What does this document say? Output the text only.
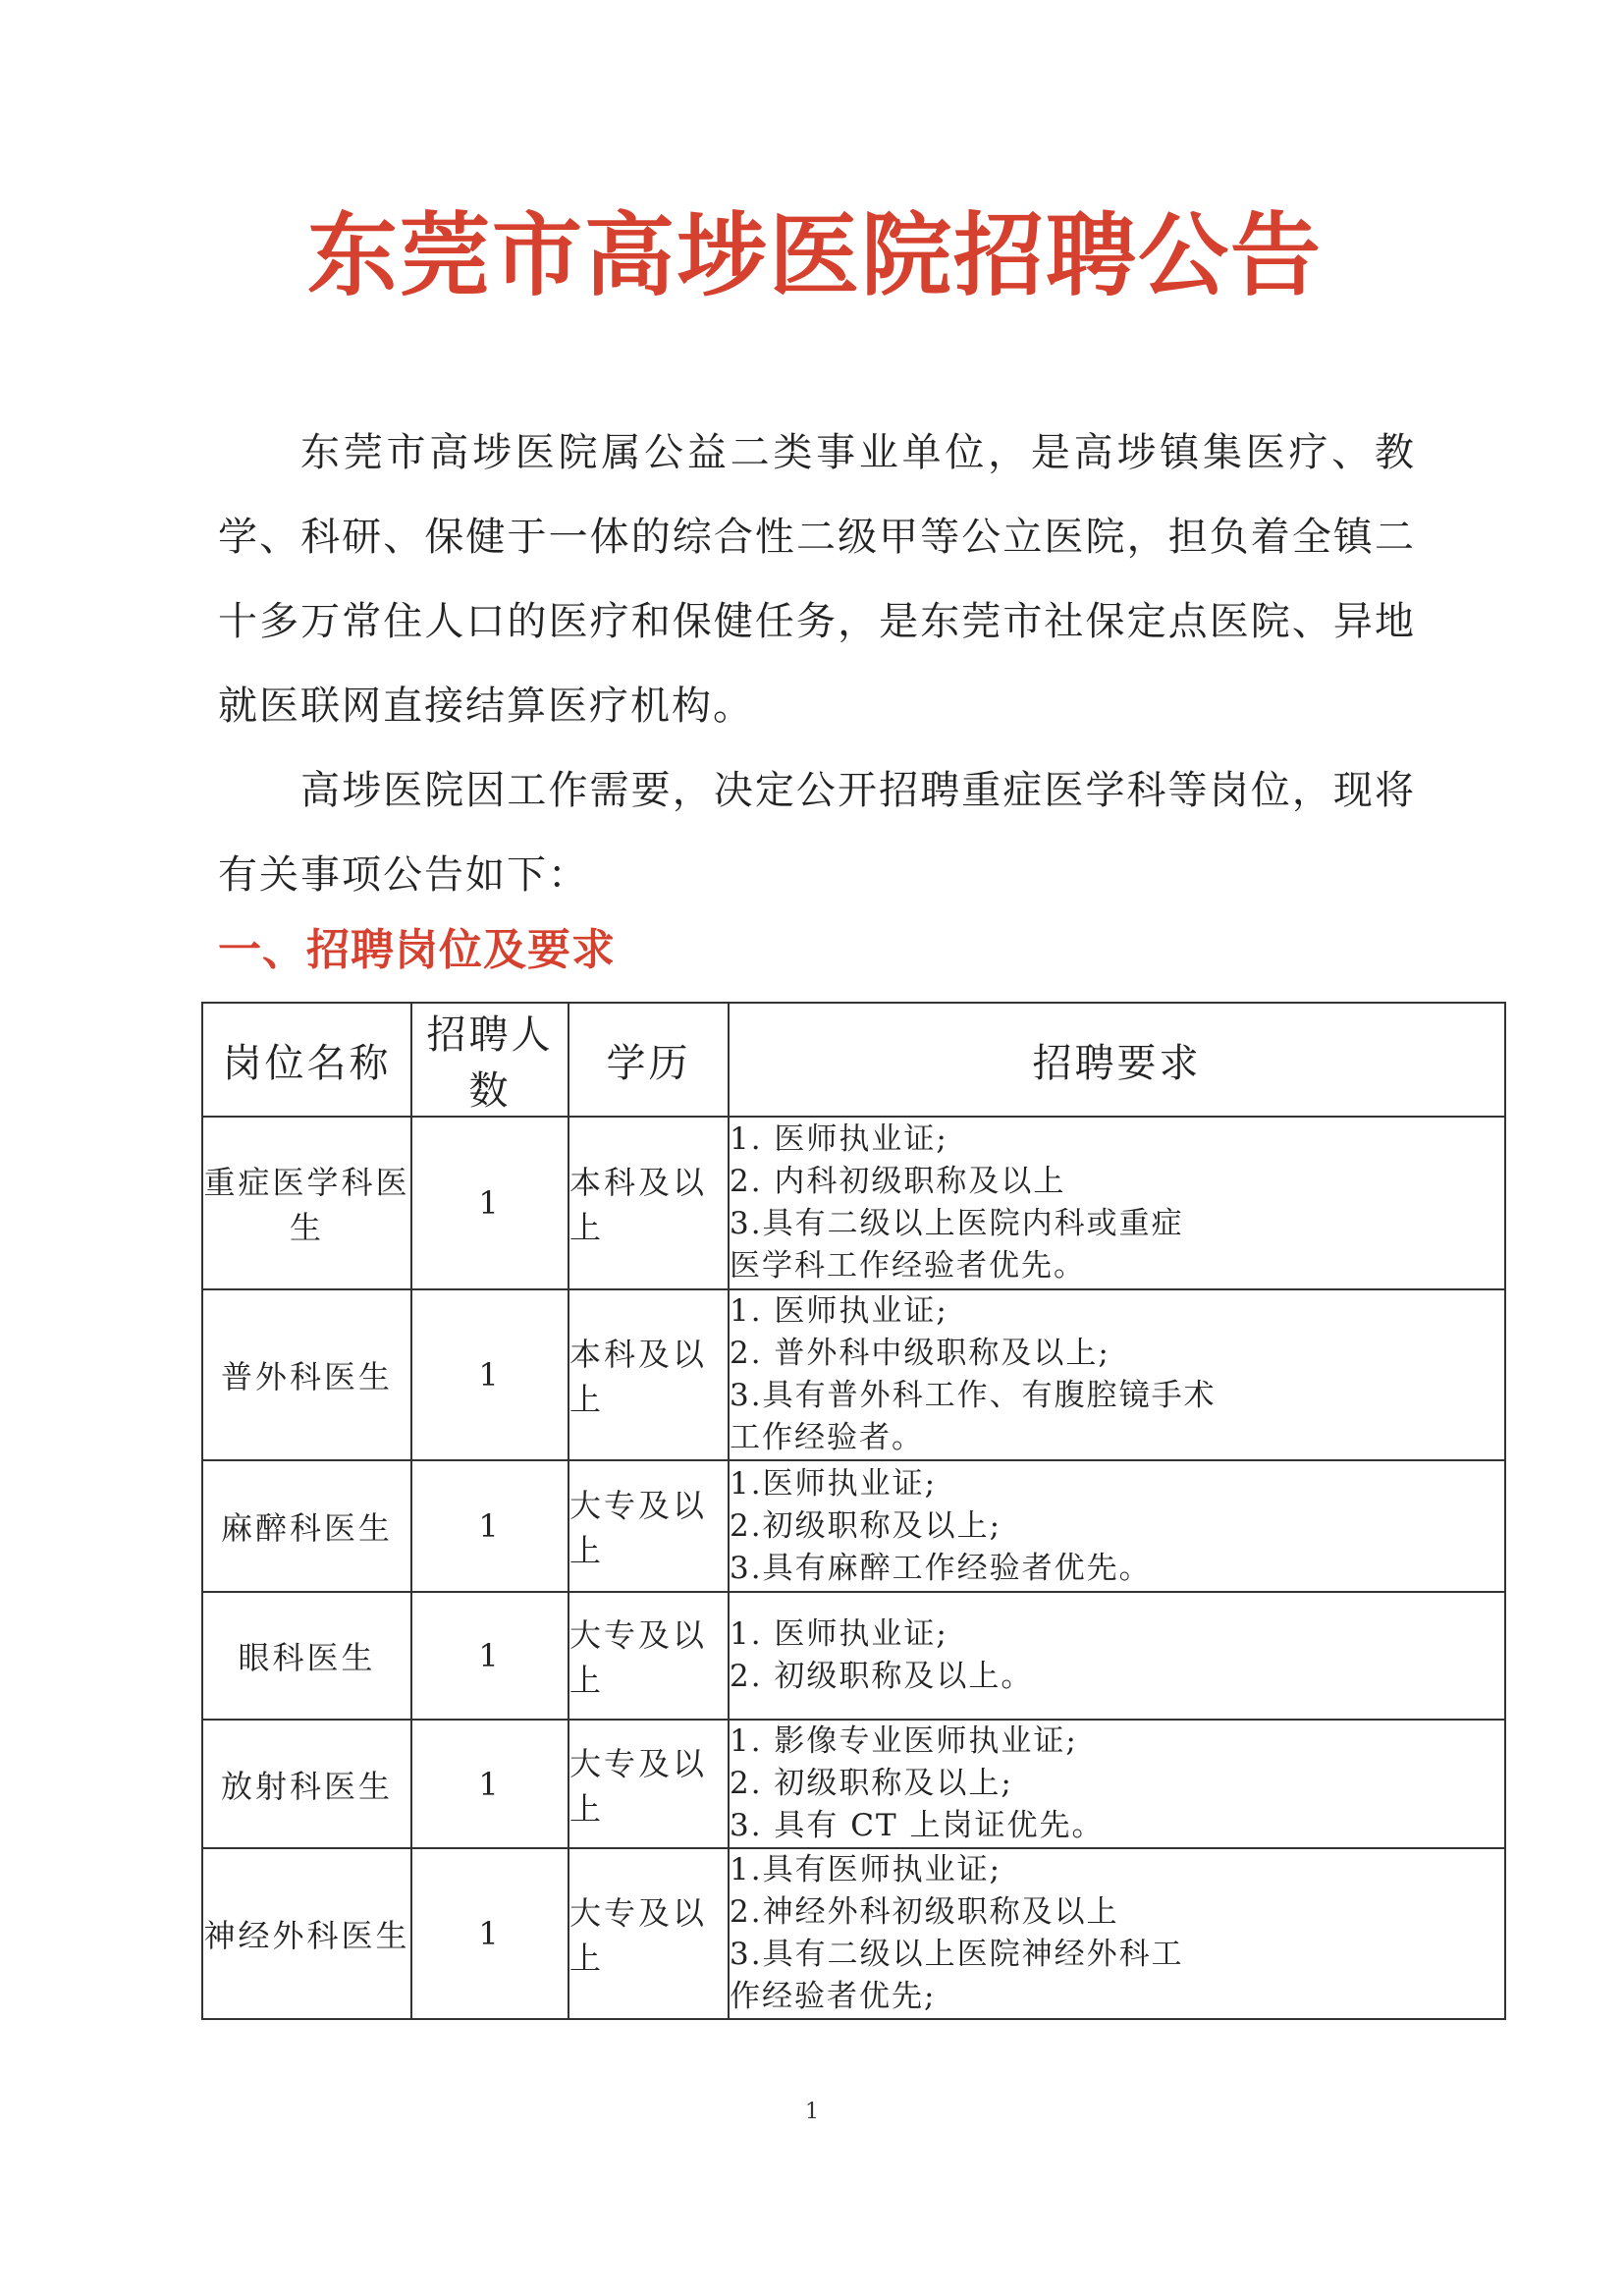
东莞市高埗医院招聘公告

东莞市高埗医院属公益二类事业单位，是高埗镇集医疗、教学、科研、保健于一体的综合性二级甲等公立医院，担负着全镇二十多万常住人口的医疗和保健任务，是东莞市社保定点医院、异地就医联网直接结算医疗机构。

高埗医院因工作需要，决定公开招聘重症医学科等岗位，现将有关事项公告如下：

一、招聘岗位及要求
岗位名称	招聘人数	学历	招聘要求
重症医学科医生	1	本科及以上	1. 医师执业证;
2. 内科初级职称及以上
3.具有二级以上医院内科或重症
医学科工作经验者优先。

普外科医生	1	本科及以上	1. 医师执业证;
2. 普外科中级职称及以上;
3.具有普外科工作、有腹腔镜手术
工作经验者。

麻醉科医生	1	大专及以上	1.医师执业证;
2.初级职称及以上;
3.具有麻醉工作经验者优先。

眼科医生	1	大专及以上	1. 医师执业证;
2. 初级职称及以上。

放射科医生	1	大专及以上	1. 影像专业医师执业证;
2. 初级职称及以上;
3. 具有 CT 上岗证优先。

神经外科医生	1	大专及以上	1.具有医师执业证;
2.神经外科初级职称及以上
3.具有二级以上医院神经外科工
作经验者优先;
1
